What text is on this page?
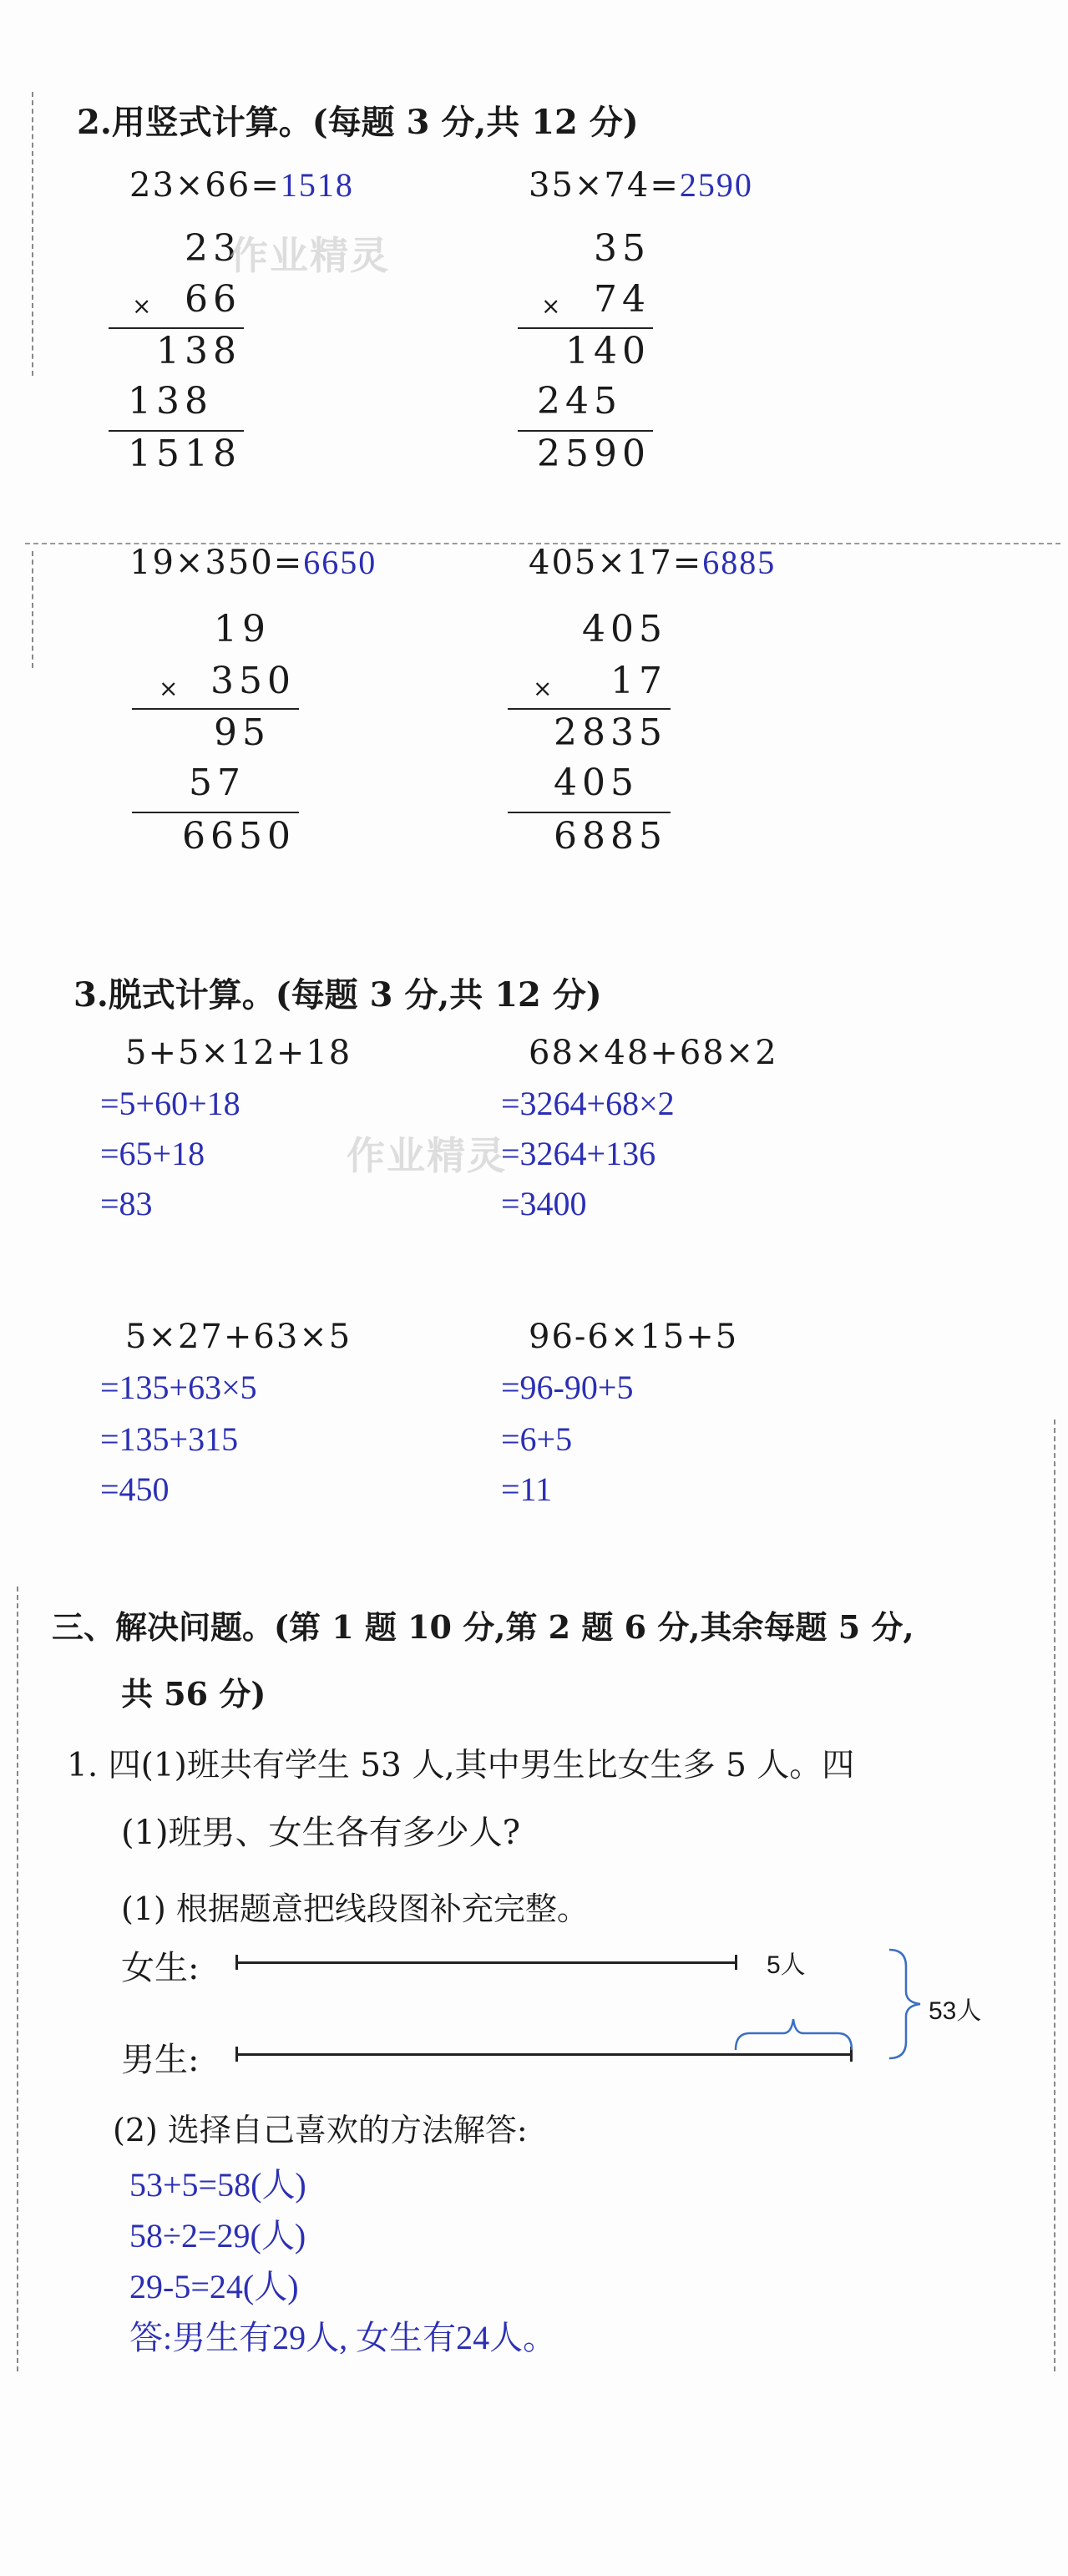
2.用竖式计算。(每题 3 分,共 12 分)
23×66=1518
23
× 66
138
138
1518
35×74=2590
35
× 74
140
245
2590
作业精灵
19×350=6650
19
× 350
95
57
6650
405×17=6885
405
× 17
2835
405
6885
3.脱式计算。(每题 3 分,共 12 分)
5+5×12+18
=5+60+18
=65+18
=83
68×48+68×2
=3264+68×2
=3264+136
=3400
作业精灵
5×27+63×5
=135+63×5
=135+315
=450
96-6×15+5
=96-90+5
=6+5
=11
三、解决问题。(第 1 题 10 分,第 2 题 6 分,其余每题 5 分,
共 56 分)
1. 四(1)班共有学生 53 人,其中男生比女生多 5 人。四
(1)班男、女生各有多少人?
(1) 根据题意把线段图补充完整。
女生:	5人
男生:
53人
(2) 选择自己喜欢的方法解答:
53+5=58(人)
58÷2=29(人)
29-5=24(人)
答:男生有29人, 女生有24人。
